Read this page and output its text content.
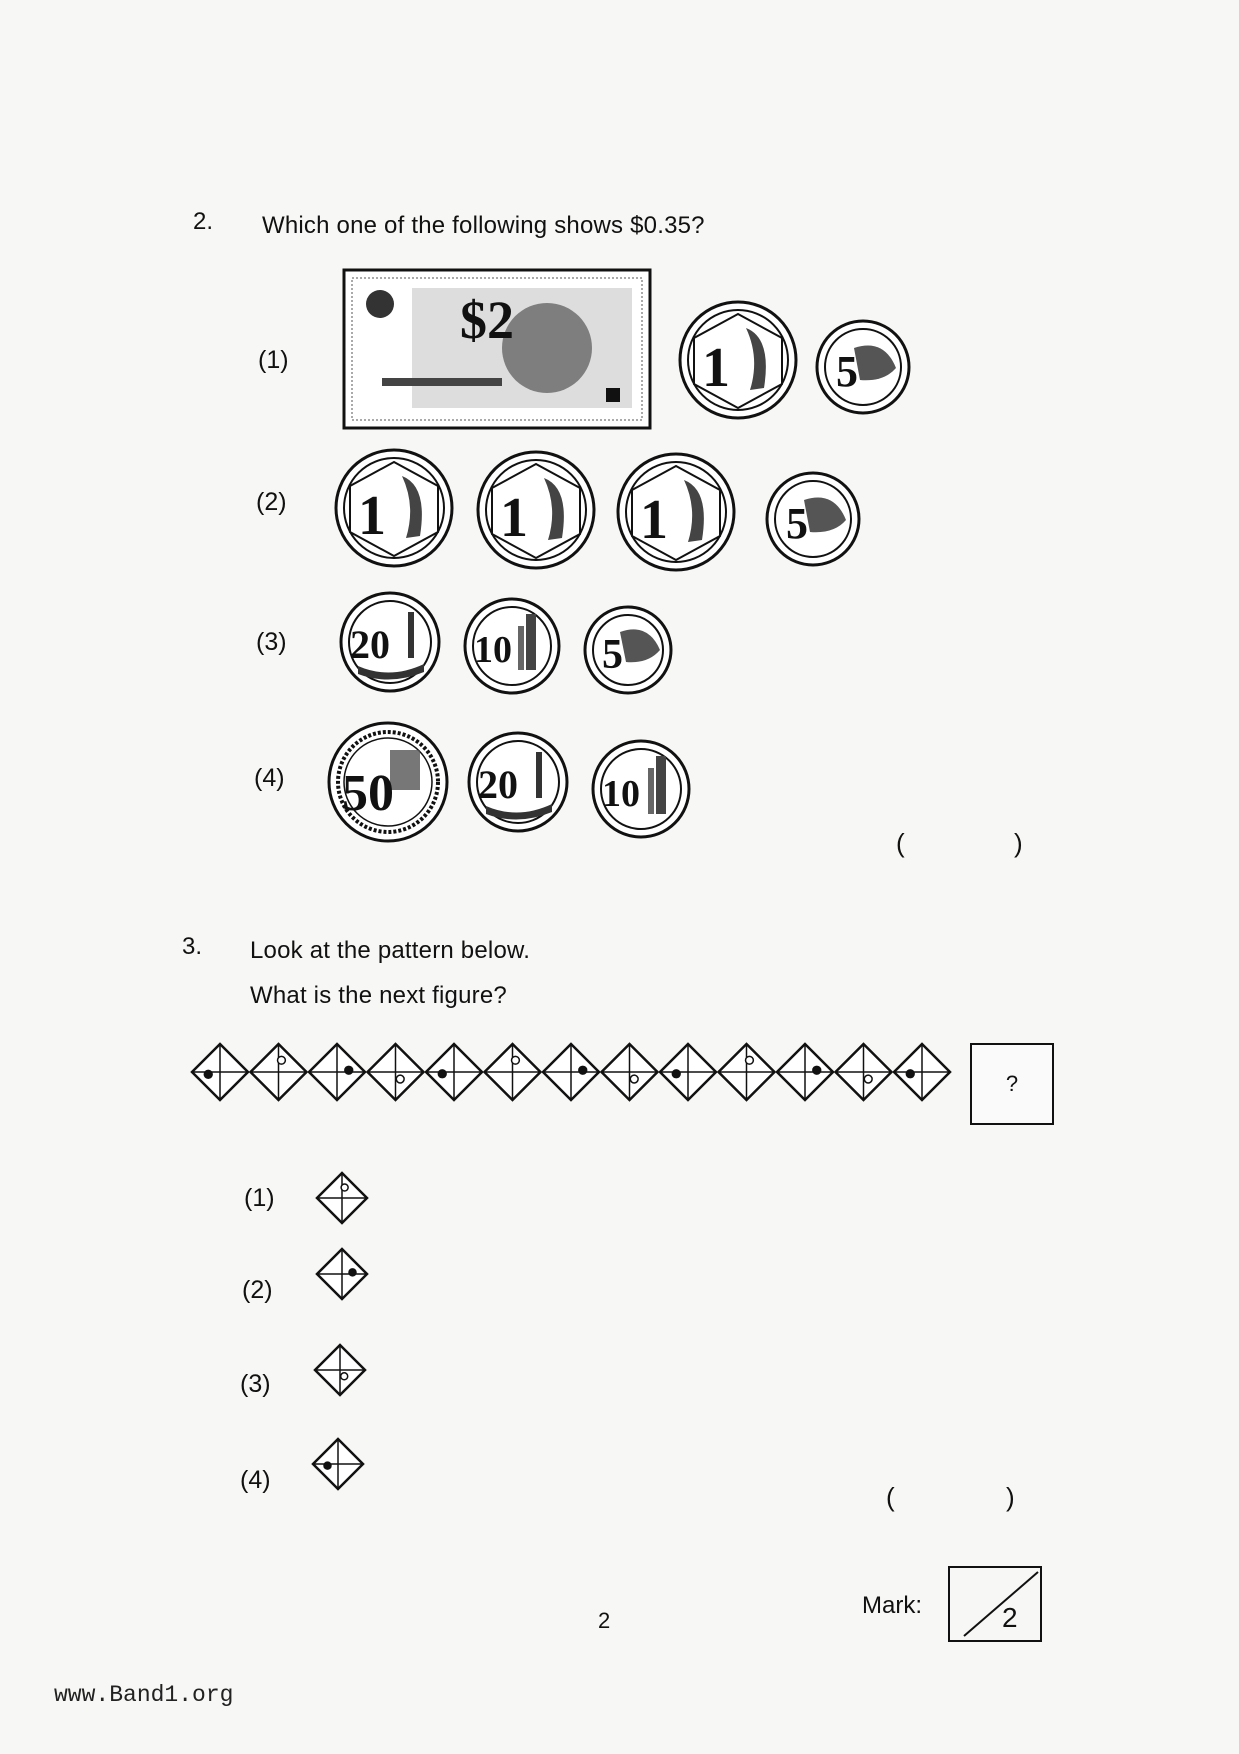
2. Which one of the following shows $0.35?
(1)
$2
1 5
(2) 1 1 1	5
(3) 20 10 5
(4) 50 20 10
(	)
3. Look at the pattern below.
What is the next figure?
?
(1)
(2)
(3)
(4)
(	)
2
Mark:	2
www.Band1.org
